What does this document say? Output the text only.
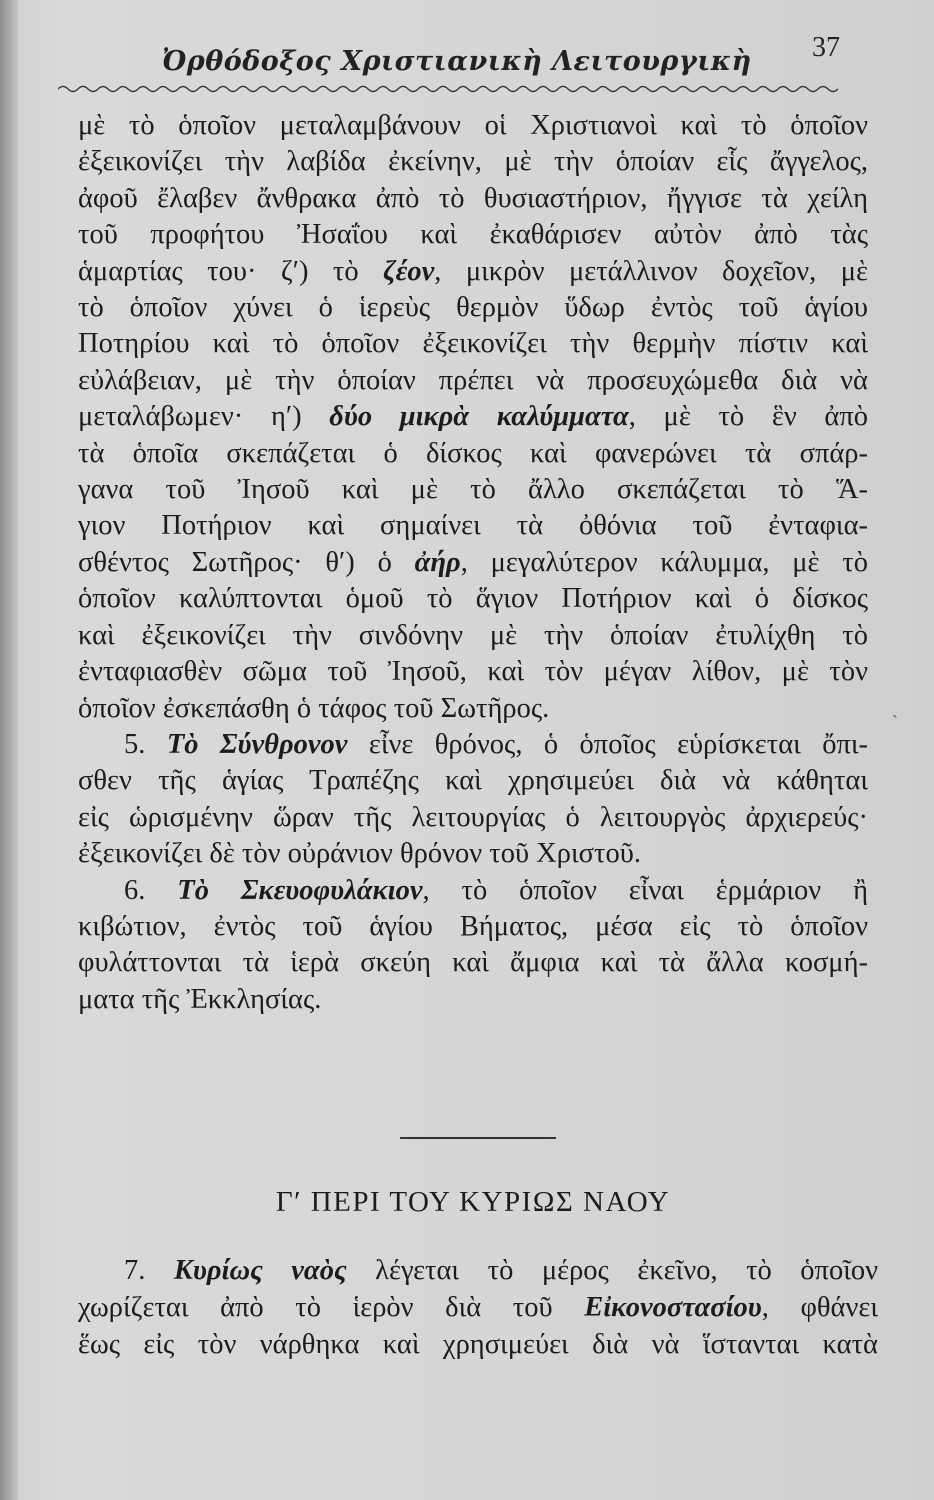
Ὀρθόδοξος Χριστιανικὴ Λειτουργικὴ 37
μὲ τὸ ὁποῖον μεταλαμβάνουν οἱ Χριστιανοὶ καὶ τὸ ὁποῖον
ἐξεικονίζει τὴν λαβίδα ἐκείνην, μὲ τὴν ὁποίαν εἷς ἄγγελος,
ἀφοῦ ἔλαβεν ἄνθρακα ἀπὸ τὸ θυσιαστήριον, ἤγγισε τὰ χείλη
τοῦ προφήτου Ἠσαΐου καὶ ἐκαθάρισεν αὐτὸν ἀπὸ τὰς
ἁμαρτίας του· ζ′) τὸ ζέον, μικρὸν μετάλλινον δοχεῖον, μὲ
τὸ ὁποῖον χύνει ὁ ἱερεὺς θερμὸν ὕδωρ ἐντὸς τοῦ ἁγίου
Ποτηρίου καὶ τὸ ὁποῖον ἐξεικονίζει τὴν θερμὴν πίστιν καὶ
εὐλάβειαν, μὲ τὴν ὁποίαν πρέπει νὰ προσευχώμεθα διὰ νὰ
μεταλάβωμεν· η′) δύο μικρὰ καλύμματα, μὲ τὸ ἓν ἀπὸ
τὰ ὁποῖα σκεπάζεται ὁ δίσκος καὶ φανερώνει τὰ σπάρ-
γανα τοῦ Ἰησοῦ καὶ μὲ τὸ ἄλλο σκεπάζεται τὸ Ἅ-
γιον Ποτήριον καὶ σημαίνει τὰ ὀθόνια τοῦ ἐνταφια-
σθέντος Σωτῆρος· θ′) ὁ ἀήρ, μεγαλύτερον κάλυμμα, μὲ τὸ
ὁποῖον καλύπτονται ὁμοῦ τὸ ἅγιον Ποτήριον καὶ ὁ δίσκος
καὶ ἐξεικονίζει τὴν σινδόνην μὲ τὴν ὁποίαν ἐτυλίχθη τὸ
ἐνταφιασθὲν σῶμα τοῦ Ἰησοῦ, καὶ τὸν μέγαν λίθον, μὲ τὸν
ὁποῖον ἐσκεπάσθη ὁ τάφος τοῦ Σωτῆρος.
5. Τὸ Σύνθρονον εἶνε θρόνος, ὁ ὁποῖος εὑρίσκεται ὄπι-
σθεν τῆς ἁγίας Τραπέζης καὶ χρησιμεύει διὰ νὰ κάθηται
εἰς ὡρισμένην ὥραν τῆς λειτουργίας ὁ λειτουργὸς ἀρχιερεύς·
ἐξεικονίζει δὲ τὸν οὐράνιον θρόνον τοῦ Χριστοῦ.
6. Τὸ Σκευοφυλάκιον, τὸ ὁποῖον εἶναι ἑρμάριον ἢ
κιβώτιον, ἐντὸς τοῦ ἁγίου Βήματος, μέσα εἰς τὸ ὁποῖον
φυλάττονται τὰ ἱερὰ σκεύη καὶ ἄμφια καὶ τὰ ἄλλα κοσμή-
ματα τῆς Ἐκκλησίας.
Γ′ ΠΕΡΙ ΤΟΥ ΚΥΡΙΩΣ ΝΑΟΥ
7. Κυρίως ναὸς λέγεται τὸ μέρος ἐκεῖνο, τὸ ὁποῖον
χωρίζεται ἀπὸ τὸ ἱερὸν διὰ τοῦ Εἰκονοστασίου, φθάνει
ἕως εἰς τὸν νάρθηκα καὶ χρησιμεύει διὰ νὰ ἵστανται κατὰ
ˎ
